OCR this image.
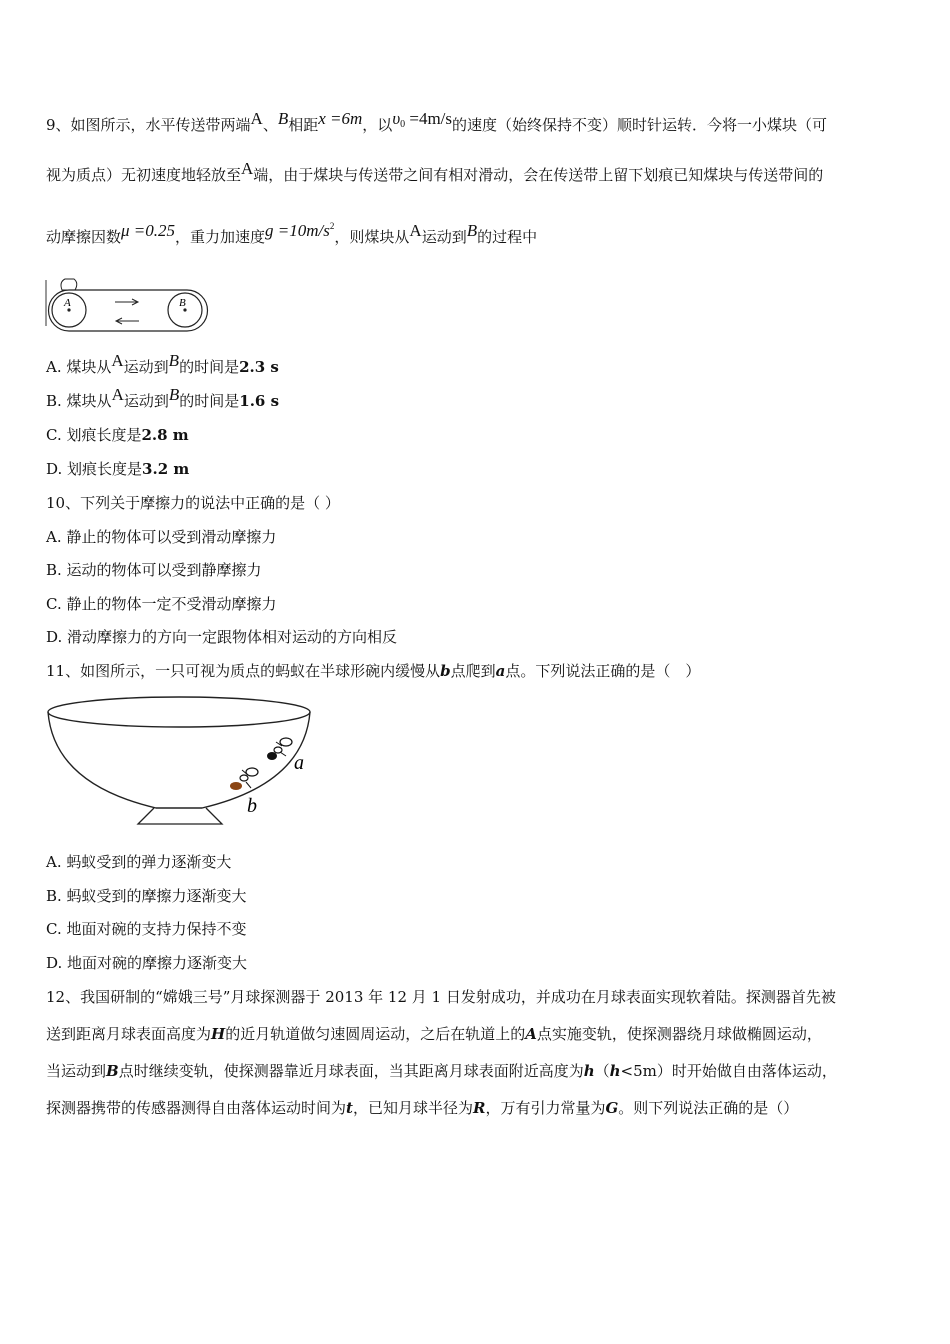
9、如图所示，水平传送带两端A、B相距x =6m，以$\upsilon_0 =4m/s$的速度（始终保持不变）顺时针运转．今将一小煤块（可
视为质点）无初速度地轻放至A端，由于煤块与传送带之间有相对滑动，会在传送带上留下划痕已知煤块与传送带间的
动摩擦因数μ =0.25，重力加速度$g =10m/s^2$，则煤块从A运动到B的过程中
A	B
A. 煤块从A运动到B的时间是2.3 s
B. 煤块从A运动到B的时间是1.6 s
C. 划痕长度是2.8 m
D. 划痕长度是3.2 m
10、下列关于摩擦力的说法中正确的是（ ）
A. 静止的物体可以受到滑动摩擦力
B. 运动的物体可以受到静摩擦力
C. 静止的物体一定不受滑动摩擦力
D. 滑动摩擦力的方向一定跟物体相对运动的方向相反
11、如图所示，一只可视为质点的蚂蚁在半球形碗内缓慢从b点爬到a点。下列说法正确的是（　）
a
b
A. 蚂蚁受到的弹力逐渐变大
B. 蚂蚁受到的摩擦力逐渐变大
C. 地面对碗的支持力保持不变
D. 地面对碗的摩擦力逐渐变大
12、我国研制的“嫦娥三号”月球探测器于 2013 年 12 月 1 日发射成功，并成功在月球表面实现软着陆。探测器首先被
送到距离月球表面高度为H的近月轨道做匀速圆周运动，之后在轨道上的A点实施变轨，使探测器绕月球做椭圆运动，
当运动到B点时继续变轨，使探测器靠近月球表面，当其距离月球表面附近高度为h（h<5m）时开始做自由落体运动，
探测器携带的传感器测得自由落体运动时间为t，已知月球半径为R，万有引力常量为G。则下列说法正确的是（）
